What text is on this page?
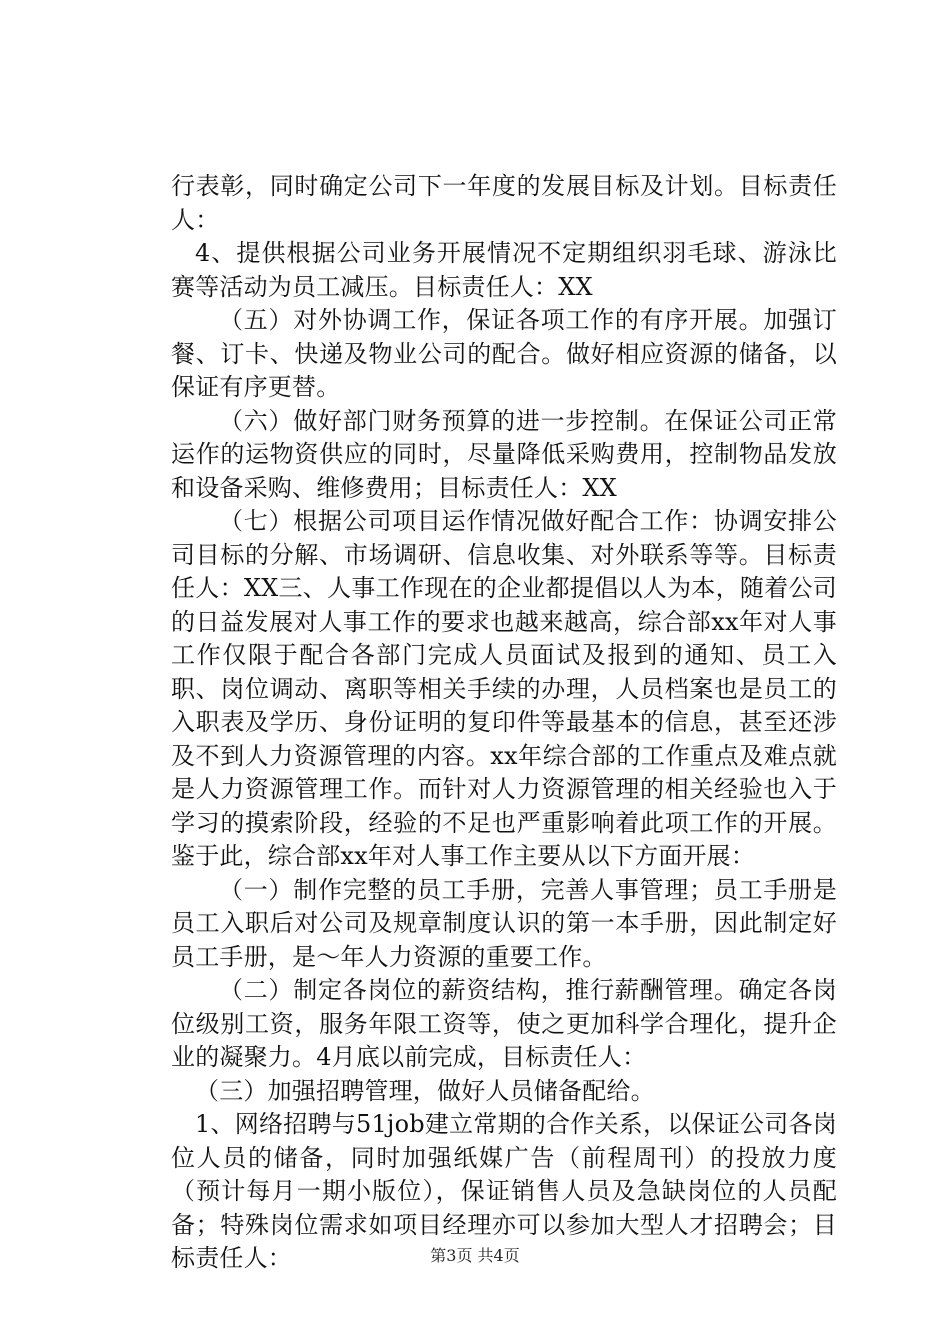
行表彰，同时确定公司下一年度的发展目标及计划。目标责任人：

4、提供根据公司业务开展情况不定期组织羽毛球、游泳比赛等活动为员工减压。目标责任人：XX

（五）对外协调工作，保证各项工作的有序开展。加强订餐、订卡、快递及物业公司的配合。做好相应资源的储备，以保证有序更替。

（六）做好部门财务预算的进一步控制。在保证公司正常运作的运物资供应的同时，尽量降低采购费用，控制物品发放和设备采购、维修费用；目标责任人：XX

（七）根据公司项目运作情况做好配合工作：协调安排公司目标的分解、市场调研、信息收集、对外联系等等。目标责任人：XX三、人事工作现在的企业都提倡以人为本，随着公司的日益发展对人事工作的要求也越来越高，综合部xx年对人事工作仅限于配合各部门完成人员面试及报到的通知、员工入职、岗位调动、离职等相关手续的办理，人员档案也是员工的入职表及学历、身份证明的复印件等最基本的信息，甚至还涉及不到人力资源管理的内容。xx年综合部的工作重点及难点就是人力资源管理工作。而针对人力资源管理的相关经验也入于学习的摸索阶段，经验的不足也严重影响着此项工作的开展。鉴于此，综合部xx年对人事工作主要从以下方面开展：

（一）制作完整的员工手册，完善人事管理；员工手册是员工入职后对公司及规章制度认识的第一本手册，因此制定好员工手册，是～年人力资源的重要工作。

（二）制定各岗位的薪资结构，推行薪酬管理。确定各岗位级别工资，服务年限工资等，使之更加科学合理化，提升企业的凝聚力。4月底以前完成，目标责任人：

（三）加强招聘管理，做好人员储备配给。

1、网络招聘与51job建立常期的合作关系，以保证公司各岗位人员的储备，同时加强纸媒广告（前程周刊）的投放力度（预计每月一期小版位），保证销售人员及急缺岗位的人员配备；特殊岗位需求如项目经理亦可以参加大型人才招聘会；目标责任人：	第3页 共4页
